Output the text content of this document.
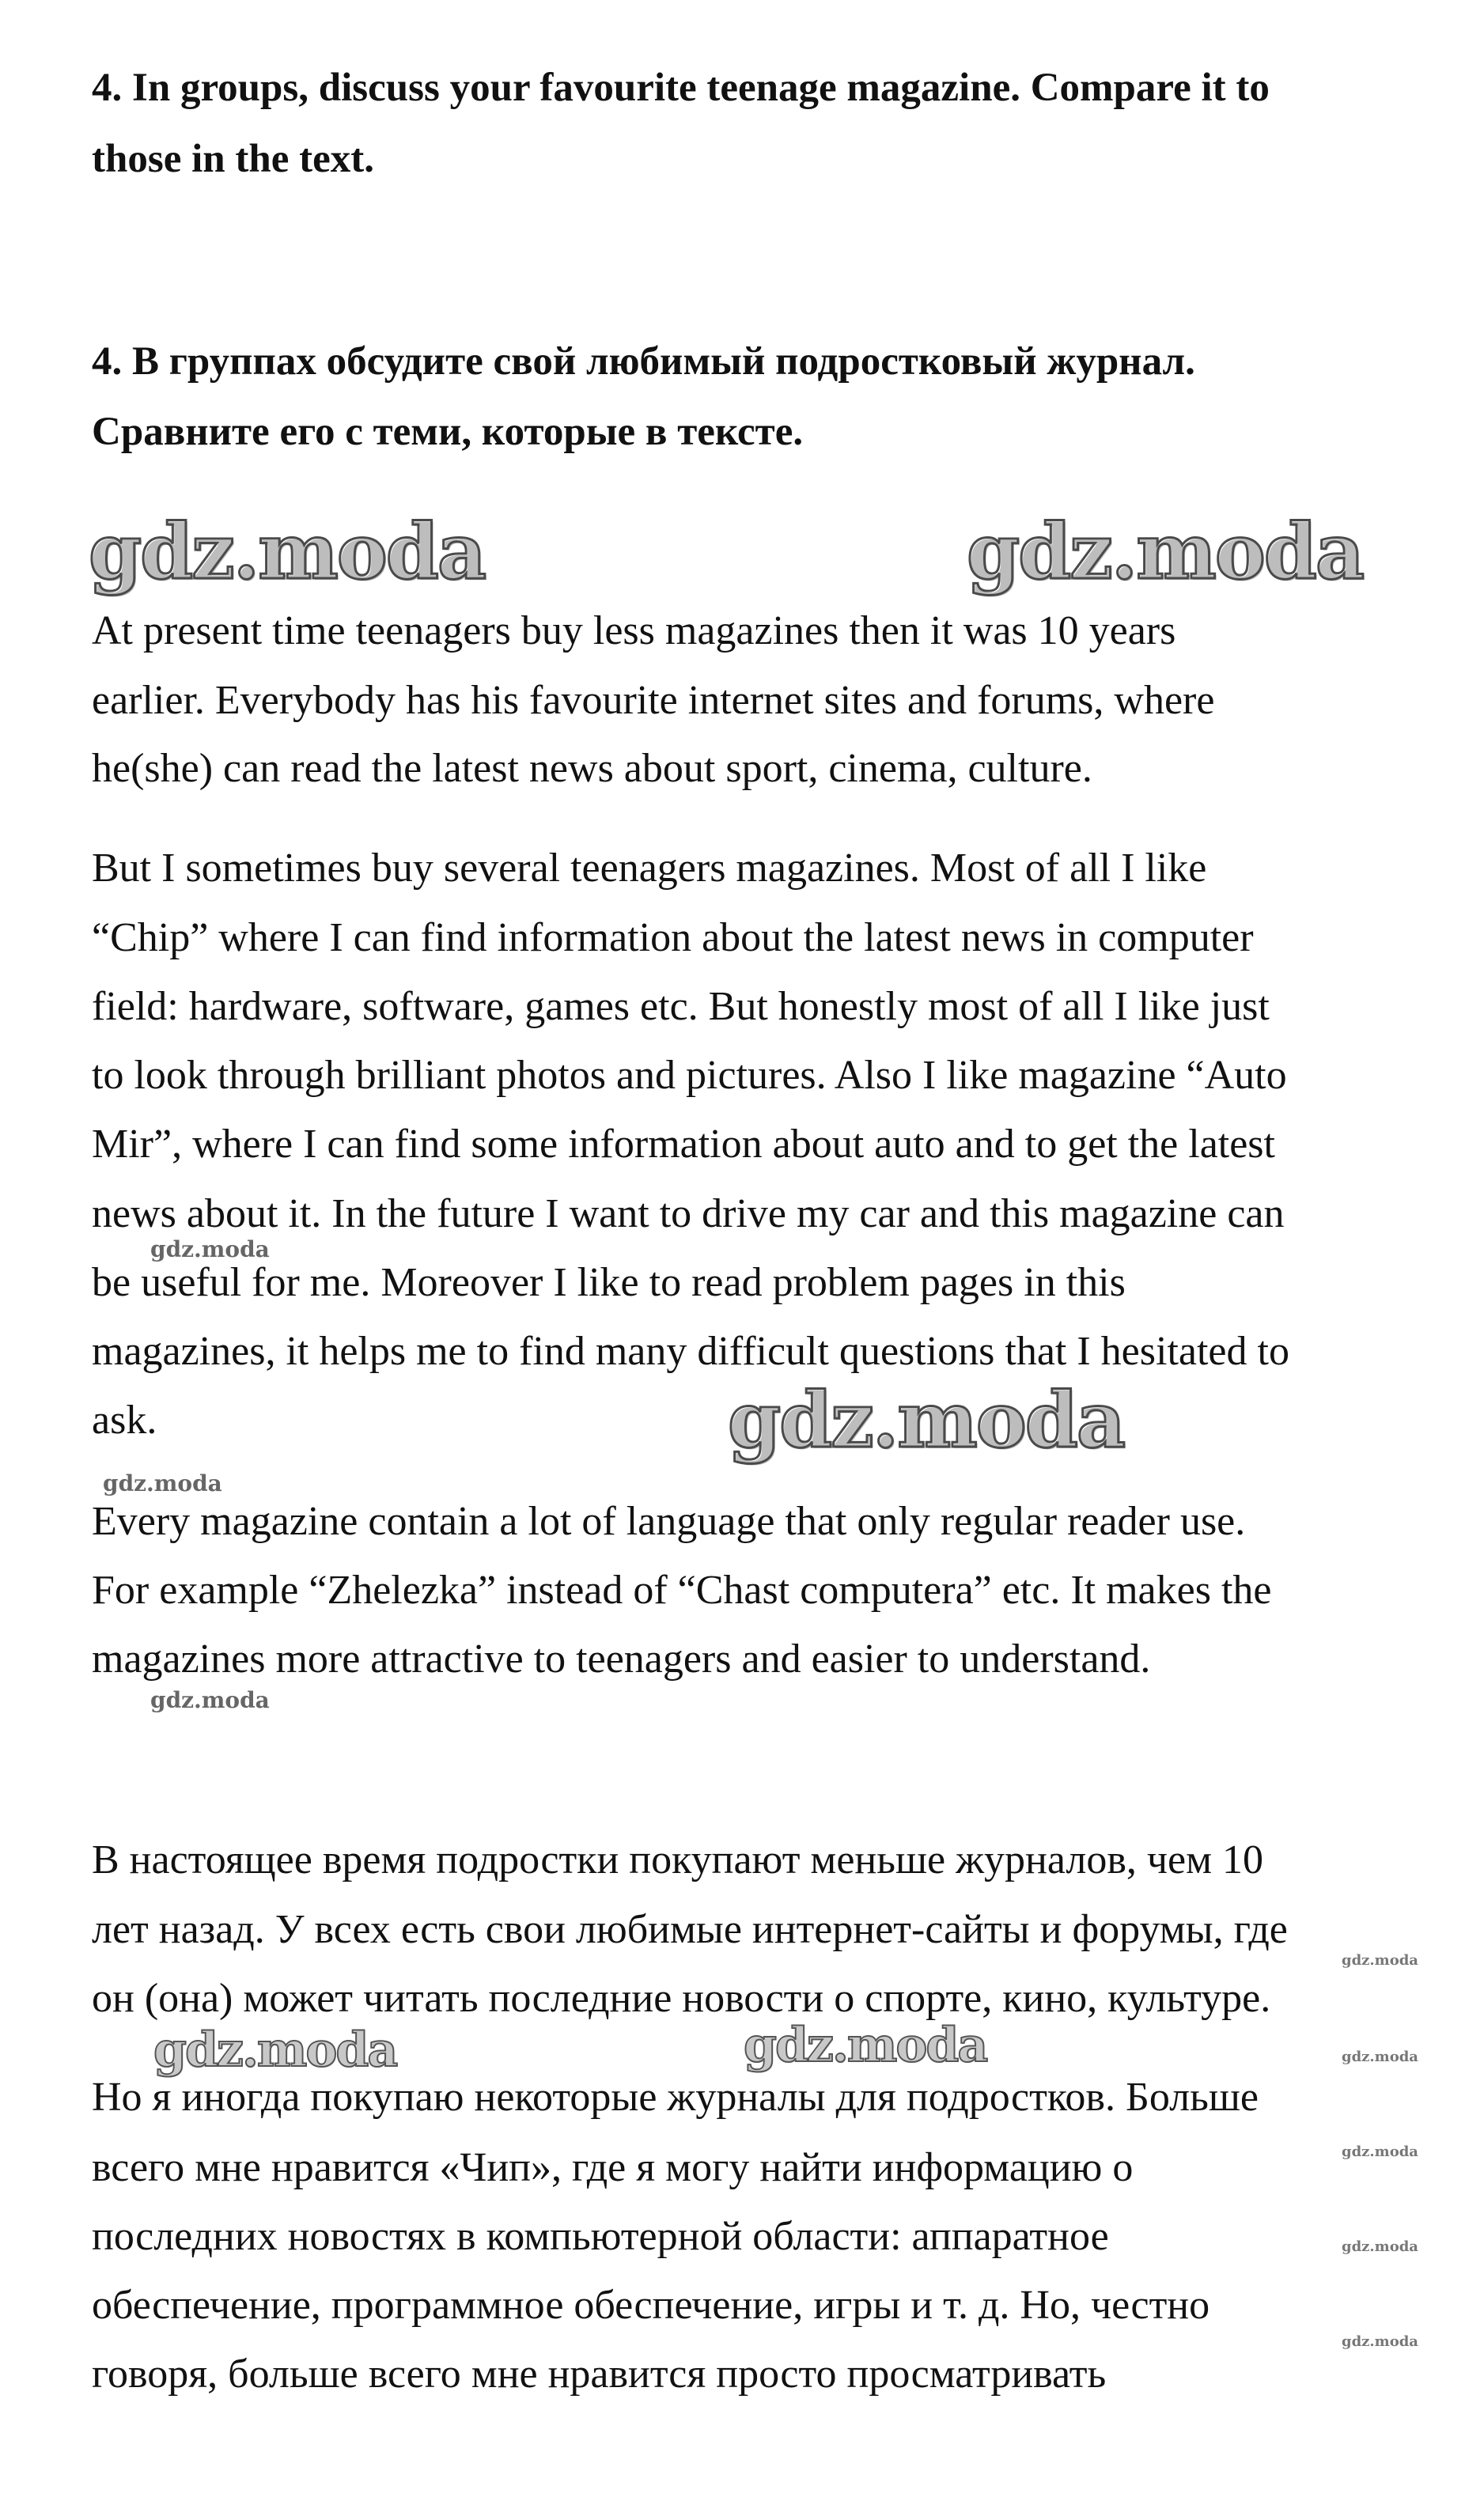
4. In groups, discuss your favourite teenage magazine. Compare it to
those in the text.
4. В группах обсудите свой любимый подростковый журнал.
Сравните его с теми, которые в тексте.
gdz.moda	gdz.moda
At present time teenagers buy less magazines then it was 10 years
earlier. Everybody has his favourite internet sites and forums, where
he(she) can read the latest news about sport, cinema, culture.
But I sometimes buy several teenagers magazines. Most of all I like
“Chip” where I can find information about the latest news in computer
field: hardware, software, games etc. But honestly most of all I like just
to look through brilliant photos and pictures. Also I like magazine “Auto
Mir”, where I can find some information about auto and to get the latest
news about it. In the future I want to drive my car and this magazine can
gdz.moda
be useful for me. Moreover I like to read problem pages in this
magazines, it helps me to find many difficult questions that I hesitated to
ask.	gdz.moda
gdz.moda
Every magazine contain a lot of language that only regular reader use.
For example “Zhelezka” instead of “Chast computera” etc. It makes the
magazines more attractive to teenagers and easier to understand.
gdz.moda
В настоящее время подростки покупают меньше журналов, чем 10
лет назад. У всех есть свои любимые интернет-сайты и форумы, где
gdz.moda
он (она) может читать последние новости о спорте, кино, культуре.
gdz.moda	gdz.moda	gdz.moda
Но я иногда покупаю некоторые журналы для подростков. Больше
gdz.moda
всего мне нравится «Чип», где я могу найти информацию о
последних новостях в компьютерной области: аппаратное	gdz.moda
обеспечение, программное обеспечение, игры и т. д. Но, честно
gdz.moda
говоря, больше всего мне нравится просто просматривать
